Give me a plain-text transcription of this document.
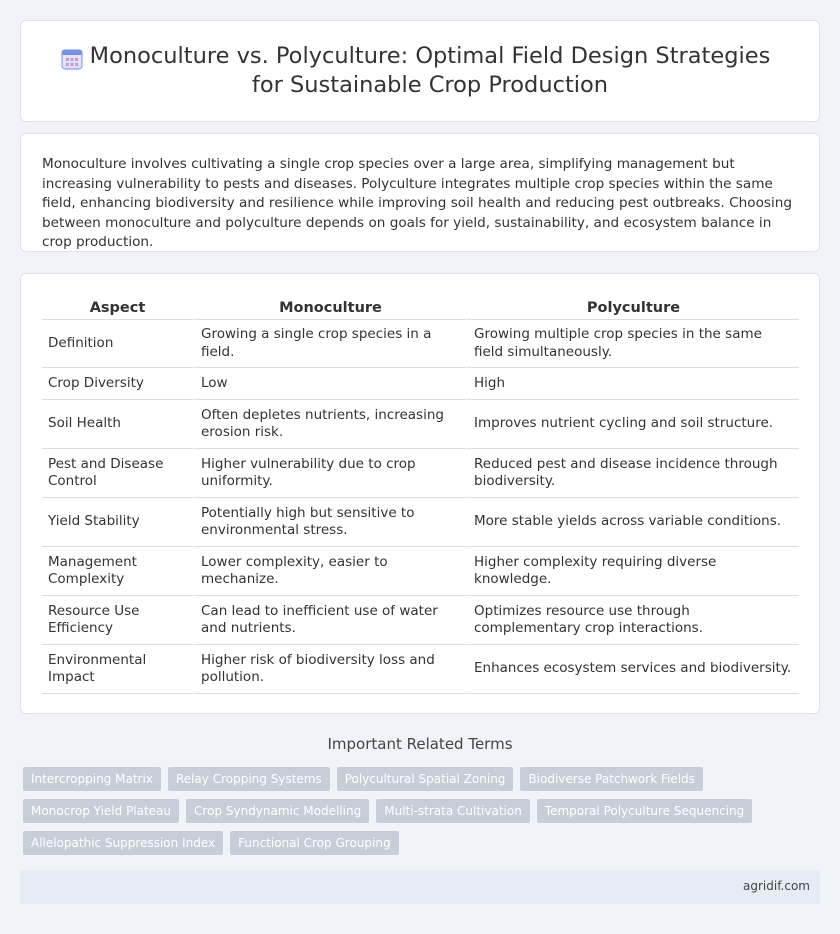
Monoculture vs. Polyculture: Optimal Field Design Strategies for Sustainable Crop Production

Monoculture involves cultivating a single crop species over a large area, simplifying management but increasing vulnerability to pests and diseases. Polyculture integrates multiple crop species within the same field, enhancing biodiversity and resilience while improving soil health and reducing pest outbreaks. Choosing between monoculture and polyculture depends on goals for yield, sustainability, and ecosystem balance in crop production.

Aspect	Monoculture	Polyculture
Definition	Growing a single crop species in a field.	Growing multiple crop species in the same field simultaneously.
Crop Diversity	Low	High
Soil Health	Often depletes nutrients, increasing erosion risk.	Improves nutrient cycling and soil structure.
Pest and Disease Control	Higher vulnerability due to crop uniformity.	Reduced pest and disease incidence through biodiversity.
Yield Stability	Potentially high but sensitive to environmental stress.	More stable yields across variable conditions.
Management Complexity	Lower complexity, easier to mechanize.	Higher complexity requiring diverse knowledge.
Resource Use Efficiency	Can lead to inefficient use of water and nutrients.	Optimizes resource use through complementary crop interactions.
Environmental Impact	Higher risk of biodiversity loss and pollution.	Enhances ecosystem services and biodiversity.
Important Related Terms
Intercropping Matrix	Relay Cropping Systems	Polycultural Spatial Zoning	Biodiverse Patchwork Fields
Monocrop Yield Plateau	Crop Syndynamic Modelling	Multi-strata Cultivation	Temporal Polyculture Sequencing
Allelopathic Suppression Index	Functional Crop Grouping
agridif.com
